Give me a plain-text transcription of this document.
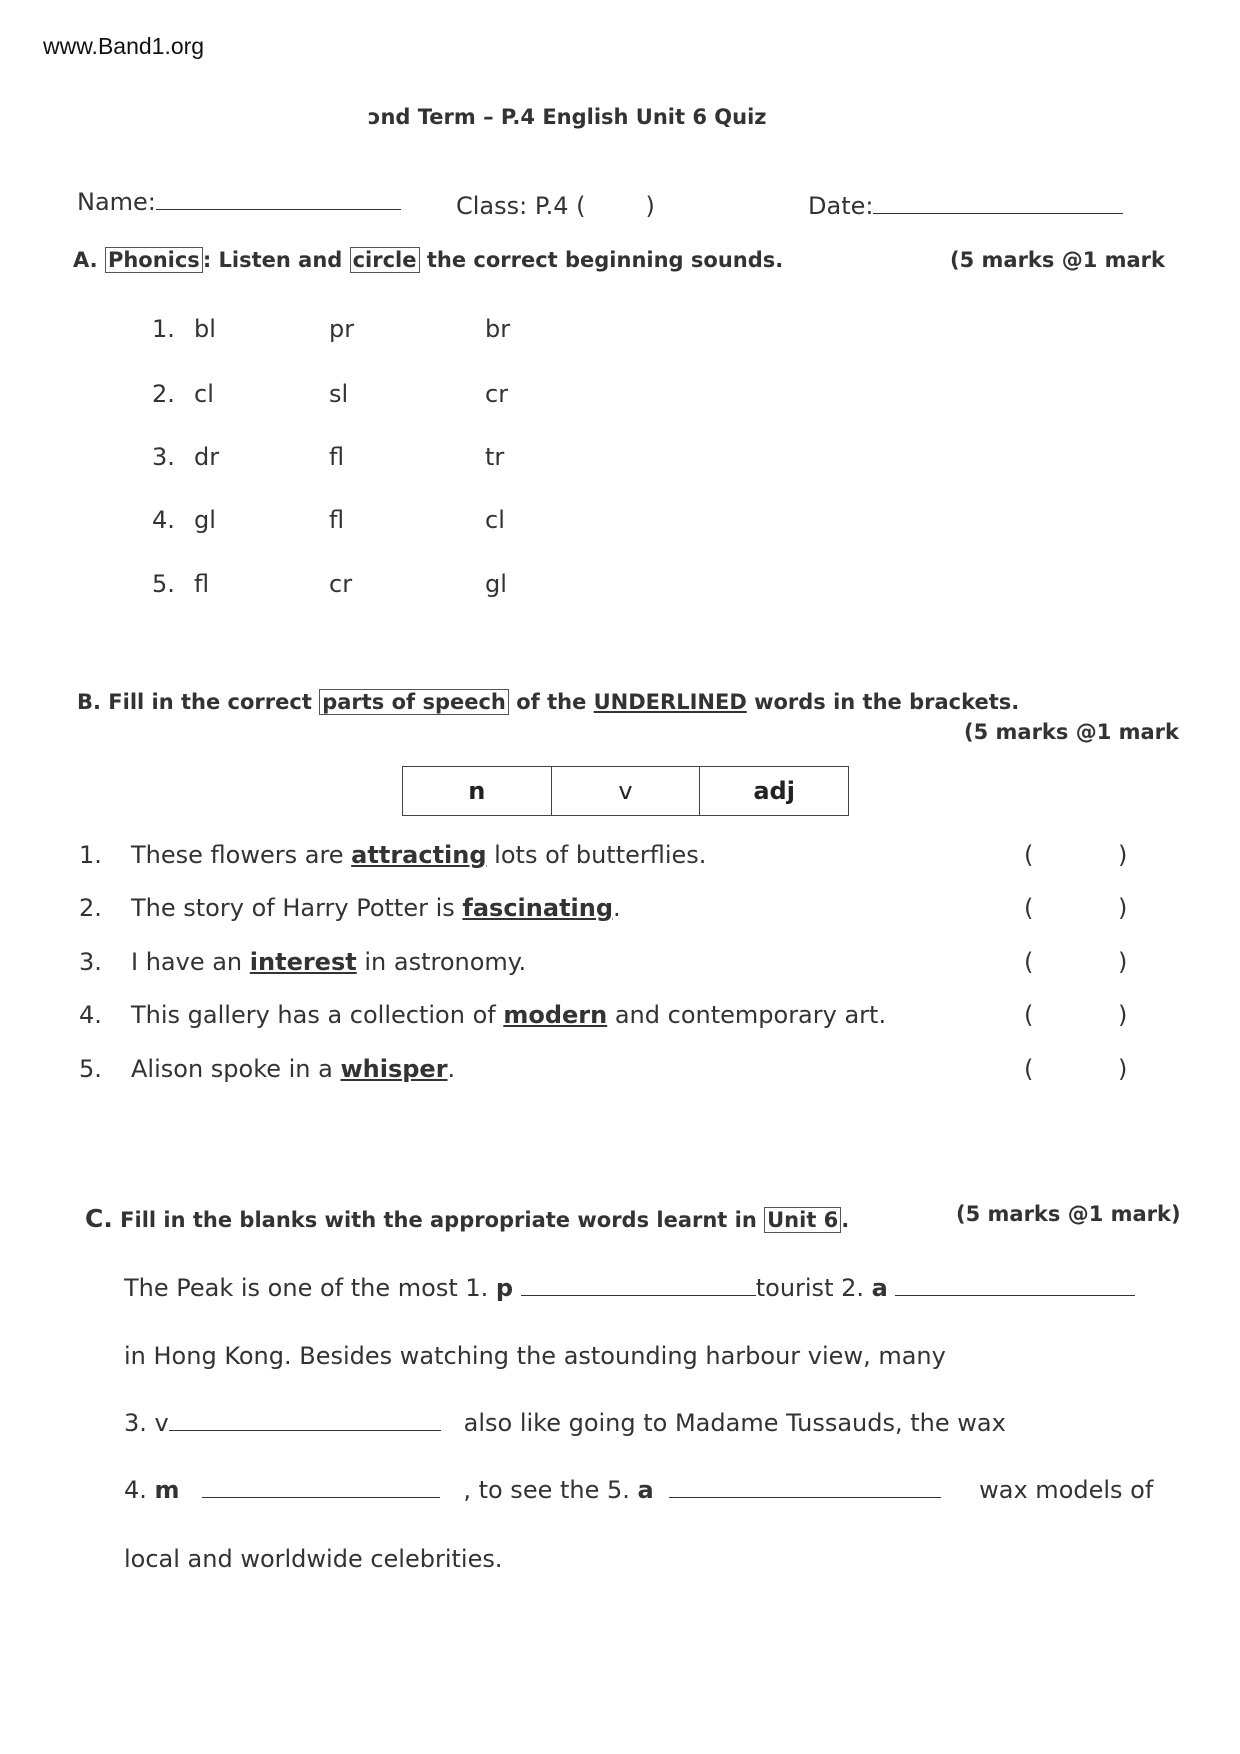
www.Band1.org
ɔnd Term – P.4 English Unit 6 Quiz
Name:	Class: P.4 (	)	Date:
A. Phonics : Listen and circle the correct beginning sounds.	(5 marks @1 mark
1. bl	pr	br
2. cl	sl	cr
3. dr	fl	tr
4. gl	fl	cl
5. fl	cr	gl
B. Fill in the correct parts of speech of the UNDERLINED words in the brackets.
(5 marks @1 mark
n	v	adj
1. These flowers are attracting lots of butterflies.	(	)
2. The story of Harry Potter is fascinating.	(	)
3. I have an interest in astronomy.	(	)
4. This gallery has a collection of modern and contemporary art.	(	)
5. Alison spoke in a whisper.	(	)
C. Fill in the blanks with the appropriate words learnt in Unit 6 .	(5 marks @1 mark)
The Peak is one of the most 1. p	tourist 2. a
in Hong Kong. Besides watching the astounding harbour view, many
3. v	also like going to Madame Tussauds, the wax
4. m	, to see the 5. a	wax models of
local and worldwide celebrities.
